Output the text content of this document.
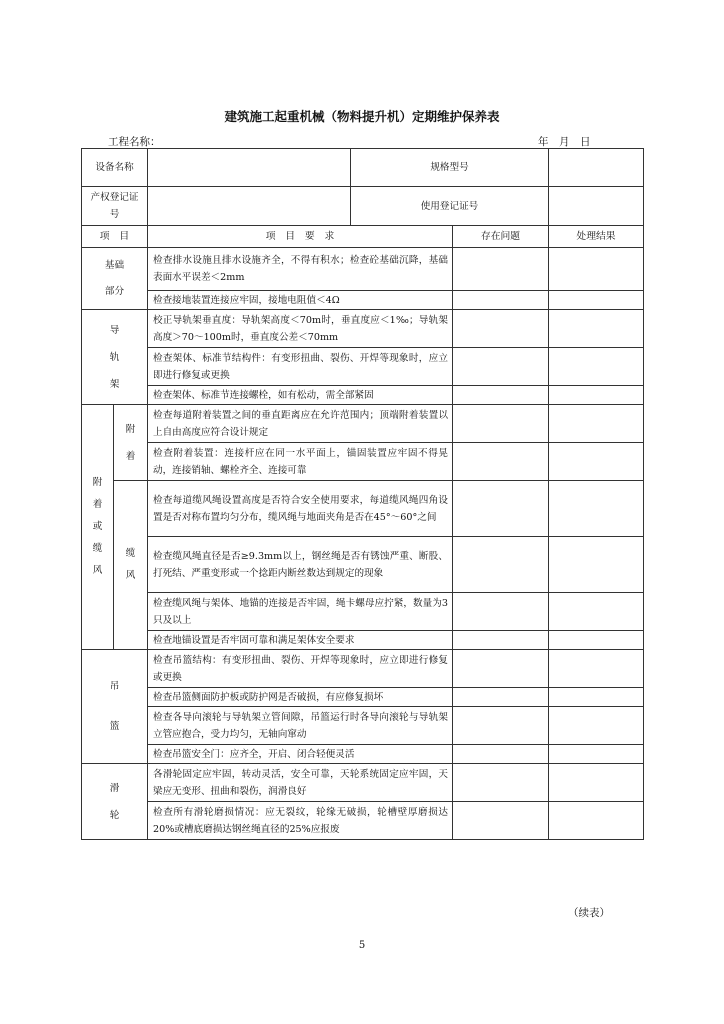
建筑施工起重机械（物料提升机）定期维护保养表
工程名称：	年　月　日
设备名称		规格型号		

产权登记证号		使用登记证号		

项　目		项　目　要　求	存在问题	处理结果
基础部分		检查排水设施且排水设施齐全，不得有积水；检查砼基础沉降，基础表面水平误差＜2mm		
		检查接地装置连接应牢固，接地电阻值＜4Ω		
导轨架		校正导轨架垂直度：导轨架高度＜70m时，垂直度应＜1‰；导轨架高度＞70～100m时，垂直度公差＜70mm		
		检查架体、标准节结构件：有变形扭曲、裂伤、开焊等现象时，应立即进行修复或更换		
		检查架体、标准节连接螺栓，如有松动，需全部紧固		
附着或缆风	附着	检查每道附着装置之间的垂直距离应在允许范围内；顶端附着装置以上自由高度应符合设计规定		
		检查附着装置：连接杆应在同一水平面上，锚固装置应牢固不得晃动，连接销轴、螺栓齐全、连接可靠		
	缆风	检查每道缆风绳设置高度是否符合安全使用要求，每道缆风绳四角设置是否对称布置均匀分布，缆风绳与地面夹角是否在45°～60°之间		
		检查缆风绳直径是否≥9.3mm以上，钢丝绳是否有锈蚀严重、断股、打死结、严重变形或一个捻距内断丝数达到规定的现象		
		检查缆风绳与架体、地锚的连接是否牢固，绳卡螺母应拧紧，数量为3只及以上		
		检查地锚设置是否牢固可靠和满足架体安全要求		
吊篮		检查吊篮结构：有变形扭曲、裂伤、开焊等现象时，应立即进行修复或更换		
		检查吊篮侧面防护板或防护网是否破损，有应修复损坏		
		检查各导向滚轮与导轨架立管间隙，吊篮运行时各导向滚轮与导轨架立管应抱合，受力均匀，无轴向窜动		
		检查吊篮安全门：应齐全，开启、闭合轻便灵活		
滑轮		各滑轮固定应牢固，转动灵活，安全可靠，天轮系统固定应牢固，天梁应无变形、扭曲和裂伤，润滑良好		
		检查所有滑轮磨损情况：应无裂纹，轮缘无破损，轮槽壁厚磨损达20%或槽底磨损达钢丝绳直径的25%应报废		
（续表）
5
